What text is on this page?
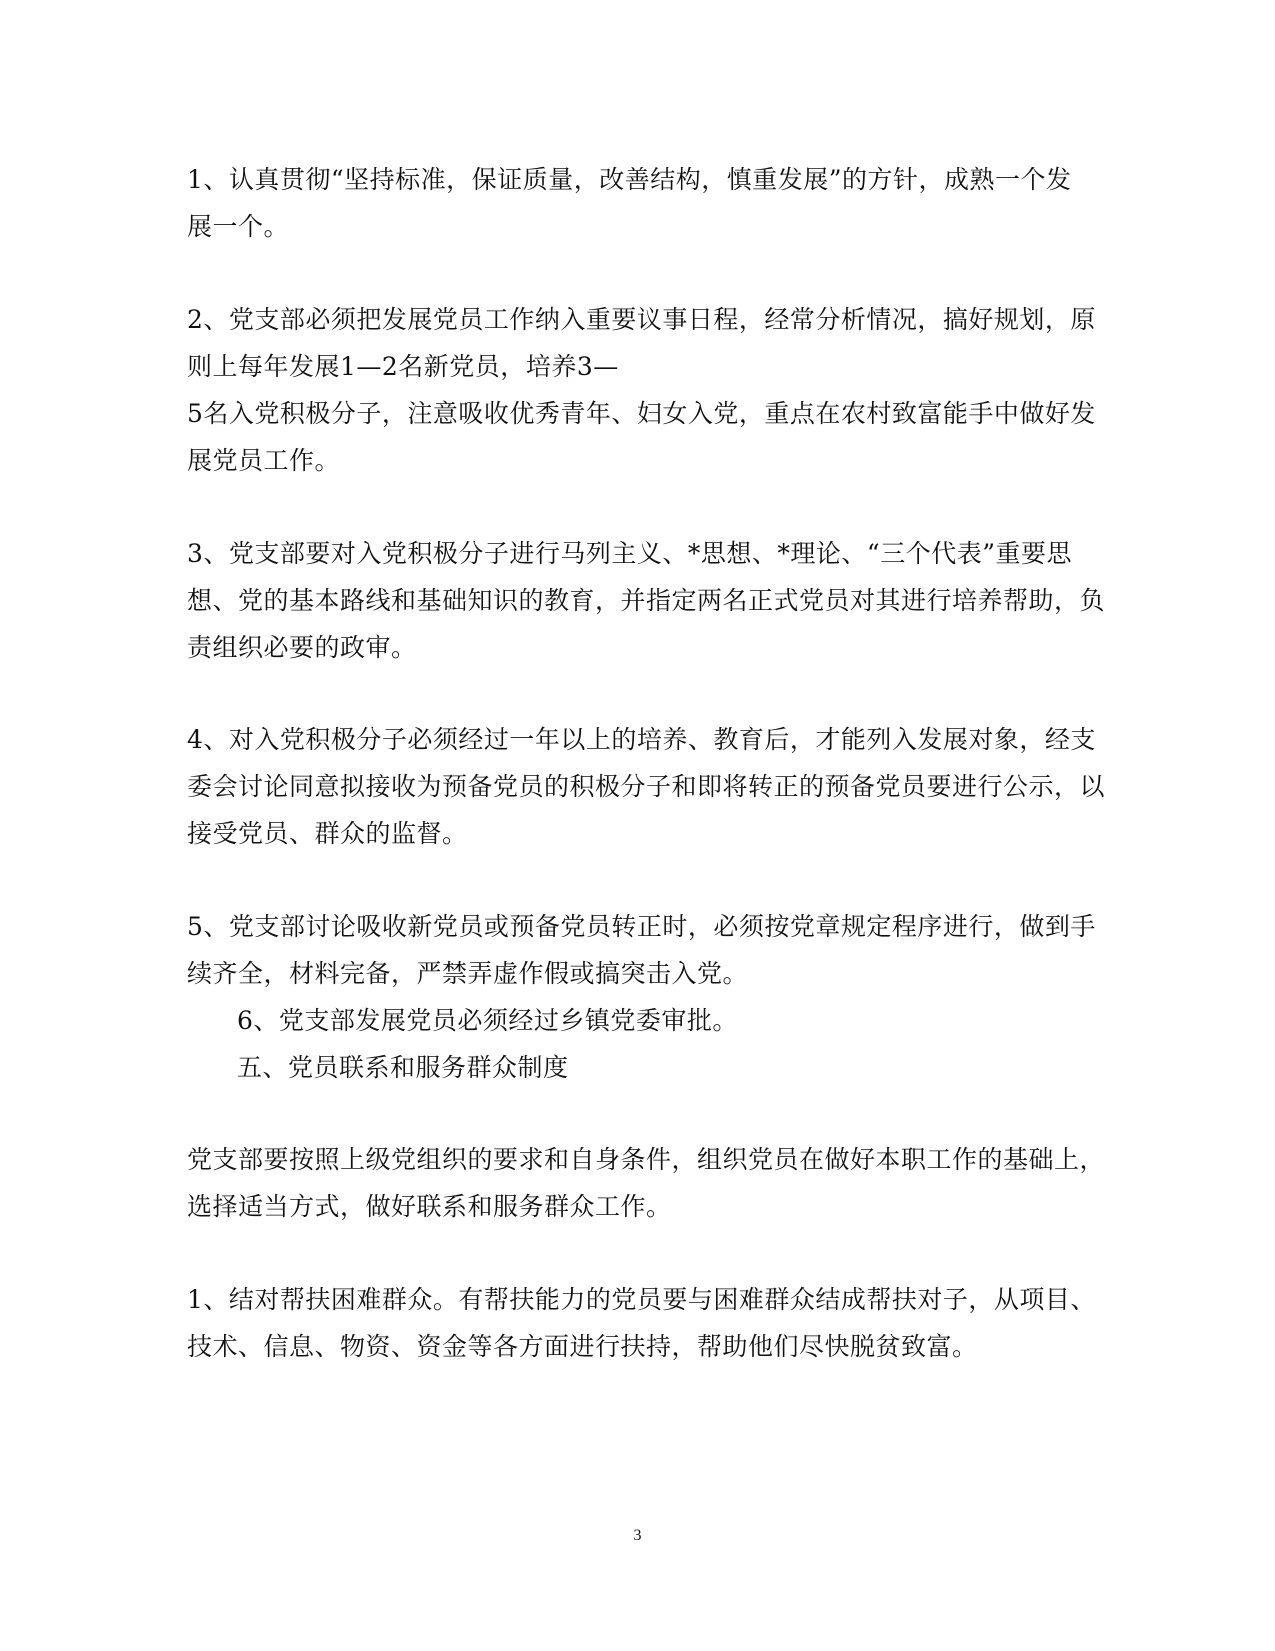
1、认真贯彻“坚持标准，保证质量，改善结构，慎重发展”的方针，成熟一个发
展一个。
2、党支部必须把发展党员工作纳入重要议事日程，经常分析情况，搞好规划，原
则上每年发展1—2名新党员，培养3—
5名入党积极分子，注意吸收优秀青年、妇女入党，重点在农村致富能手中做好发
展党员工作。
3、党支部要对入党积极分子进行马列主义、*思想、*理论、“三个代表”重要思
想、党的基本路线和基础知识的教育，并指定两名正式党员对其进行培养帮助，负
责组织必要的政审。
4、对入党积极分子必须经过一年以上的培养、教育后，才能列入发展对象，经支
委会讨论同意拟接收为预备党员的积极分子和即将转正的预备党员要进行公示，以
接受党员、群众的监督。
5、党支部讨论吸收新党员或预备党员转正时，必须按党章规定程序进行，做到手
续齐全，材料完备，严禁弄虚作假或搞突击入党。
6、党支部发展党员必须经过乡镇党委审批。
五、党员联系和服务群众制度
党支部要按照上级党组织的要求和自身条件，组织党员在做好本职工作的基础上，
选择适当方式，做好联系和服务群众工作。
1、结对帮扶困难群众。有帮扶能力的党员要与困难群众结成帮扶对子，从项目、
技术、信息、物资、资金等各方面进行扶持，帮助他们尽快脱贫致富。
3
